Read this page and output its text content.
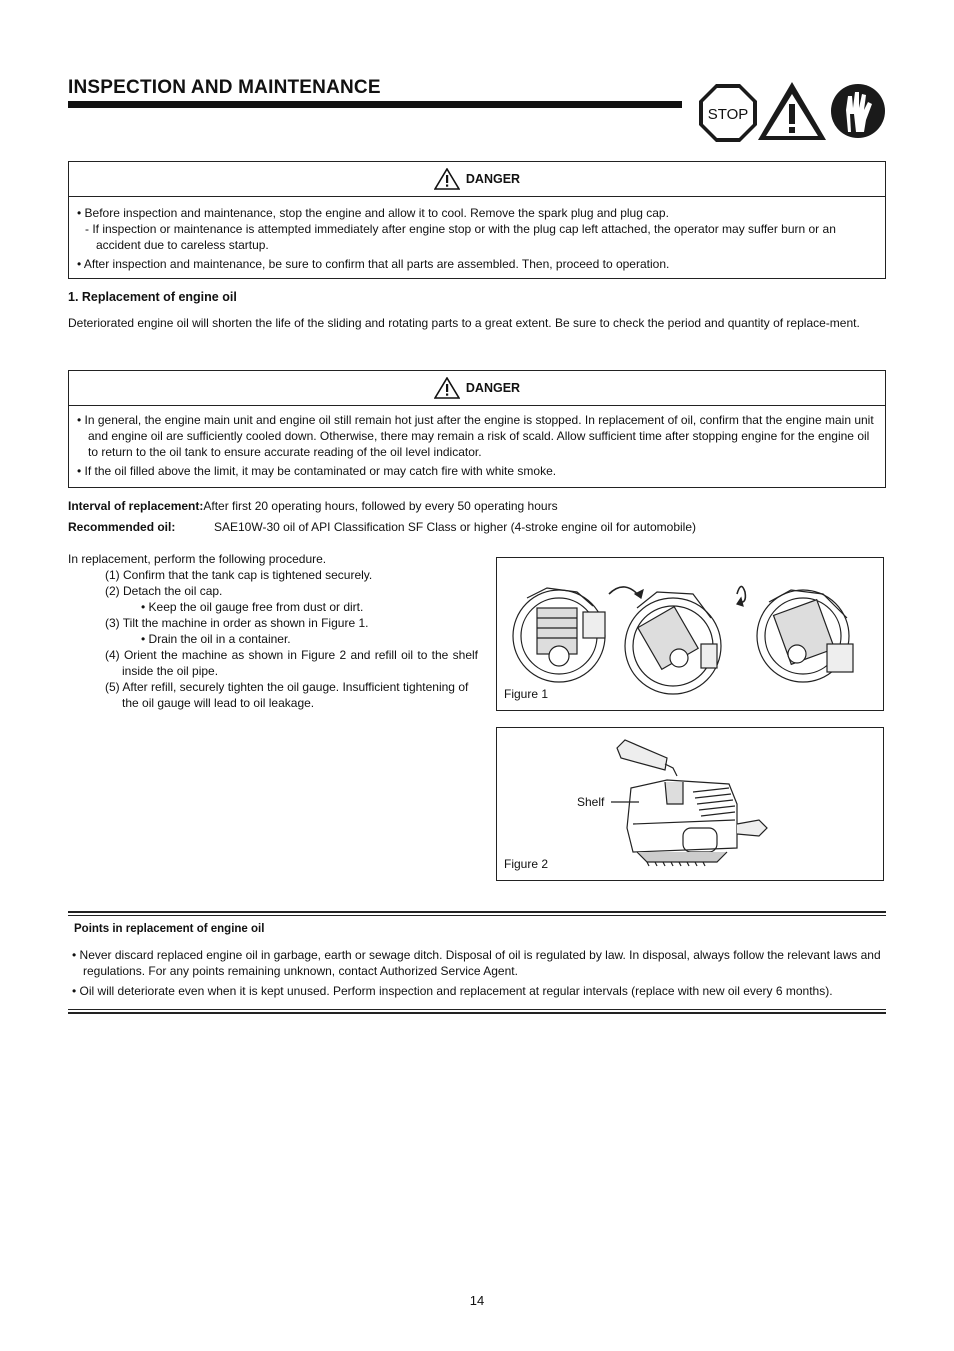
INSPECTION AND MAINTENANCE
STOP
DANGER

• Before inspection and maintenance, stop the engine and allow it to cool. Remove the spark plug and plug cap.

- If inspection or maintenance is attempted immediately after engine stop or with the plug cap left attached, the operator may suffer burn or an accident due to careless startup.

• After inspection and maintenance, be sure to confirm that all parts are assembled. Then, proceed to operation.

1. Replacement of engine oil
Deteriorated engine oil will shorten the life of the sliding and rotating parts to a great extent. Be sure to check the period and quantity of replace-ment.
DANGER

• In general, the engine main unit and engine oil still remain hot just after the engine is stopped. In replacement of oil, confirm that the engine main unit and engine oil are sufficiently cooled down. Otherwise, there may remain a risk of scald. Allow sufficient time after stopping engine for the engine oil to return to the oil tank to ensure accurate reading of the oil level indicator.

• If the oil filled above the limit, it may be contaminated or may catch fire with white smoke.

Interval of replacement:After first 20 operating hours, followed by every 50 operating hours
Recommended oil:	SAE10W-30 oil of API Classification SF Class or higher (4-stroke engine oil for automobile)

In replacement, perform the following procedure.

(1) Confirm that the tank cap is tightened securely.

(2) Detach the oil cap.

• Keep the oil gauge free from dust or dirt.

(3) Tilt the machine in order as shown in Figure 1.

• Drain the oil in a container.

(4) Orient the machine as shown in Figure 2 and refill oil to the shelf inside the oil pipe.

(5) After refill, securely tighten the oil gauge. Insufficient tightening of the oil gauge will lead to oil leakage.

Figure 1
Shelf
Figure 2
Points in replacement of engine oil

• Never discard replaced engine oil in garbage, earth or sewage ditch. Disposal of oil is regulated by law. In disposal, always follow the relevant laws and regulations. For any points remaining unknown, contact Authorized Service Agent.

• Oil will deteriorate even when it is kept unused. Perform inspection and replacement at regular intervals (replace with new oil every 6 months).

14
